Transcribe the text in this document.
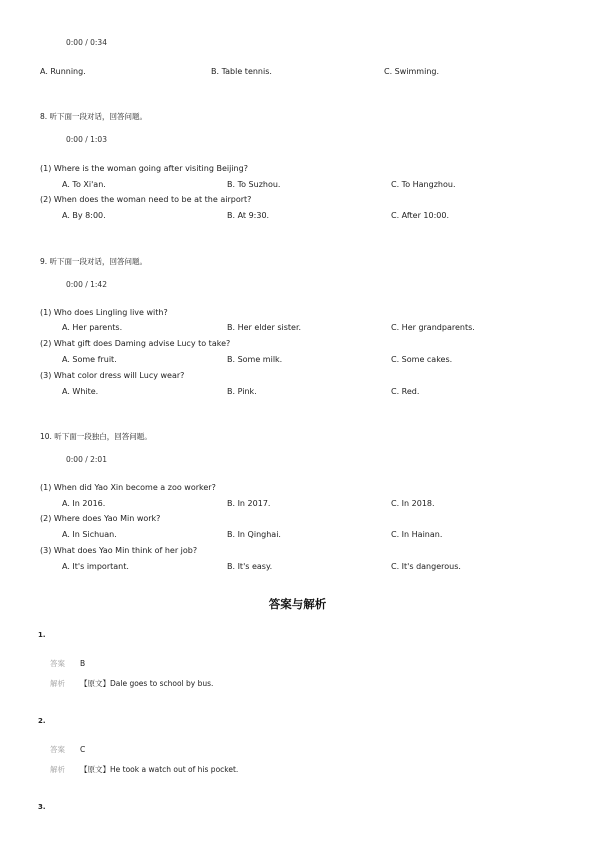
0:00 / 0:34
A. Running.	B. Table tennis.	C. Swimming.
8. 听下面一段对话，回答问题。
0:00 / 1:03
(1) Where is the woman going after visiting Beijing?
A. To Xi'an.	B. To Suzhou.	C. To Hangzhou.
(2) When does the woman need to be at the airport?
A. By 8:00.	B. At 9:30.	C. After 10:00.
9. 听下面一段对话，回答问题。
0:00 / 1:42
(1) Who does Lingling live with?
A. Her parents.	B. Her elder sister.	C. Her grandparents.
(2) What gift does Daming advise Lucy to take?
A. Some fruit.	B. Some milk.	C. Some cakes.
(3) What color dress will Lucy wear?
A. White.	B. Pink.	C. Red.
10. 听下面一段独白，回答问题。
0:00 / 2:01
(1) When did Yao Xin become a zoo worker?
A. In 2016.	B. In 2017.	C. In 2018.
(2) Where does Yao Min work?
A. In Sichuan.	B. In Qinghai.	C. In Hainan.
(3) What does Yao Min think of her job?
A. It's important.	B. It's easy.	C. It's dangerous.
答案与解析
1.
答案 B
解析 【原文】Dale goes to school by bus.
2.
答案 C
解析 【原文】He took a watch out of his pocket.
3.
